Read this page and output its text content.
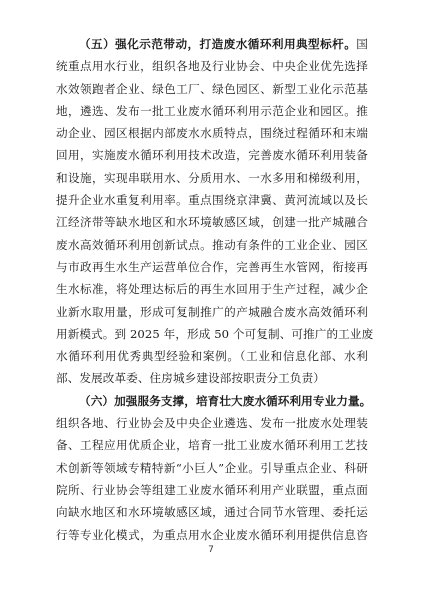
（五）强化示范带动，打造废水循环利用典型标杆。国
统重点用水行业，组织各地及行业协会、中央企业优先选择
水效领跑者企业、绿色工厂、绿色园区、新型工业化示范基
地，遴选、发布一批工业废水循环利用示范企业和园区。推
动企业、园区根据内部废水水质特点，围绕过程循环和末端
回用，实施废水循环利用技术改造，完善废水循环利用装备
和设施，实现串联用水、分质用水、一水多用和梯级利用，
提升企业水重复利用率。重点围绕京津冀、黄河流域以及长
江经济带等缺水地区和水环境敏感区域，创建一批产城融合
废水高效循环利用创新试点。推动有条件的工业企业、园区
与市政再生水生产运营单位合作，完善再生水管网，衔接再
生水标准，将处理达标后的再生水回用于生产过程，减少企
业新水取用量，形成可复制推广的产城融合废水高效循环利
用新模式。到 2025 年，形成 50 个可复制、可推广的工业废
水循环利用优秀典型经验和案例。（工业和信息化部、水利
部、发展改革委、住房城乡建设部按职责分工负责）
（六）加强服务支撑，培育壮大废水循环利用专业力量。
组织各地、行业协会及中央企业遴选、发布一批废水处理装
备、工程应用优质企业，培育一批工业废水循环利用工艺技
术创新等领域专精特新“小巨人”企业。引导重点企业、科研
院所、行业协会等组建工业废水循环利用产业联盟，重点面
向缺水地区和水环境敏感区域，通过合同节水管理、委托运
行等专业化模式，为重点用水企业废水循环利用提供信息咨
7
